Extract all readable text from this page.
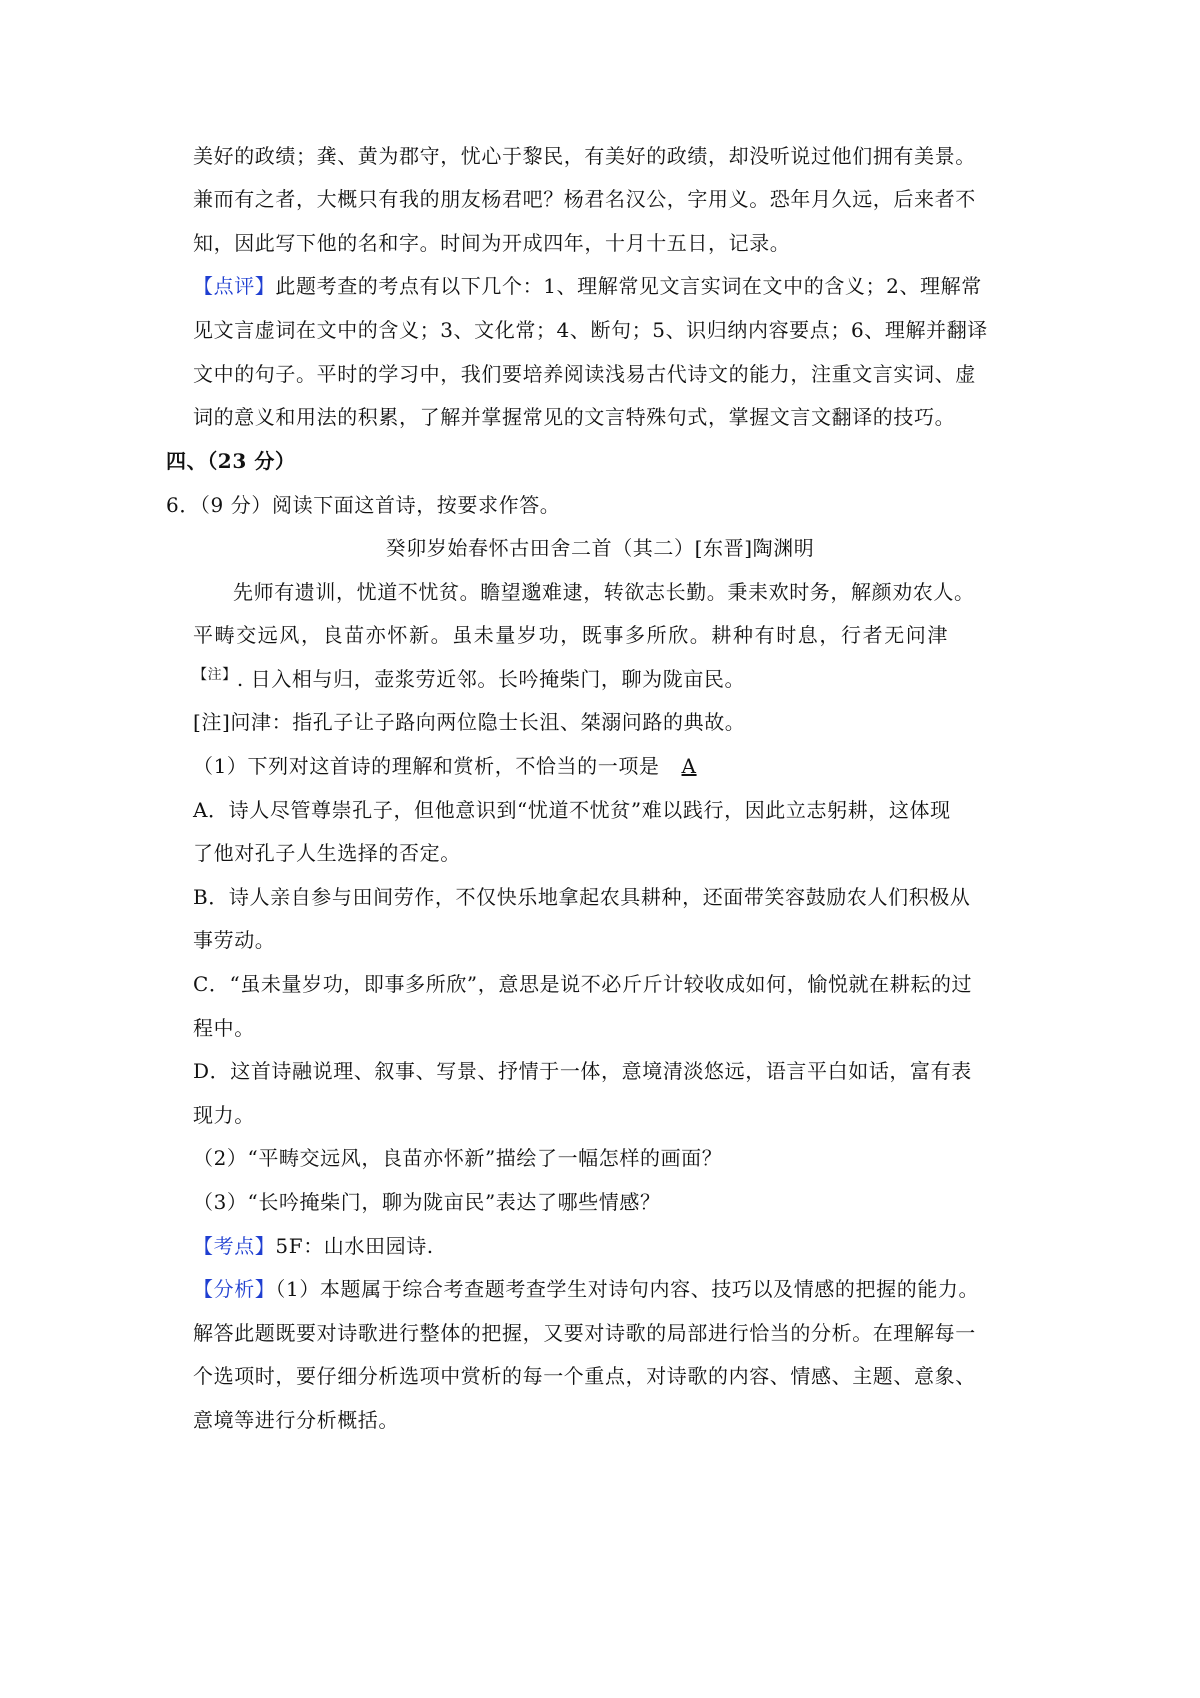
美好的政绩；龚、黄为郡守，忧心于黎民，有美好的政绩，却没听说过他们拥有美景。
兼而有之者，大概只有我的朋友杨君吧？杨君名汉公，字用义。恐年月久远，后来者不
知，因此写下他的名和字。时间为开成四年，十月十五日，记录。
【点评】此题考查的考点有以下几个：1、理解常见文言实词在文中的含义；2、理解常
见文言虚词在文中的含义；3、文化常；4、断句；5、识归纳内容要点；6、理解并翻译
文中的句子。平时的学习中，我们要培养阅读浅易古代诗文的能力，注重文言实词、虚
词的意义和用法的积累，了解并掌握常见的文言特殊句式，掌握文言文翻译的技巧。
四、（23 分）
6．（9 分）阅读下面这首诗，按要求作答。
癸卯岁始春怀古田舍二首（其二）[东晋]陶渊明
先师有遗训，忧道不忧贫。瞻望邈难逮，转欲志长勤。秉耒欢时务，解颜劝农人。
平畴交远风，良苗亦怀新。虽未量岁功，既事多所欣。耕种有时息，行者无问津
$^{【注】}$. 日入相与归，壶浆劳近邻。长吟掩柴门，聊为陇亩民。
[注]问津：指孔子让子路向两位隐士长沮、桀溺问路的典故。
（1）下列对这首诗的理解和赏析，不恰当的一项是 A
A．诗人尽管尊崇孔子，但他意识到“忧道不忧贫”难以践行，因此立志躬耕，这体现
了他对孔子人生选择的否定。
B．诗人亲自参与田间劳作，不仅快乐地拿起农具耕种，还面带笑容鼓励农人们积极从
事劳动。
C．“虽未量岁功，即事多所欣”，意思是说不必斤斤计较收成如何，愉悦就在耕耘的过
程中。
D．这首诗融说理、叙事、写景、抒情于一体，意境清淡悠远，语言平白如话，富有表
现力。
（2）“平畴交远风，良苗亦怀新”描绘了一幅怎样的画面？
（3）“长吟掩柴门，聊为陇亩民”表达了哪些情感？
【考点】5F：山水田园诗.
【分析】（1）本题属于综合考查题考查学生对诗句内容、技巧以及情感的把握的能力。
解答此题既要对诗歌进行整体的把握，又要对诗歌的局部进行恰当的分析。在理解每一
个选项时，要仔细分析选项中赏析的每一个重点，对诗歌的内容、情感、主题、意象、
意境等进行分析概括。
